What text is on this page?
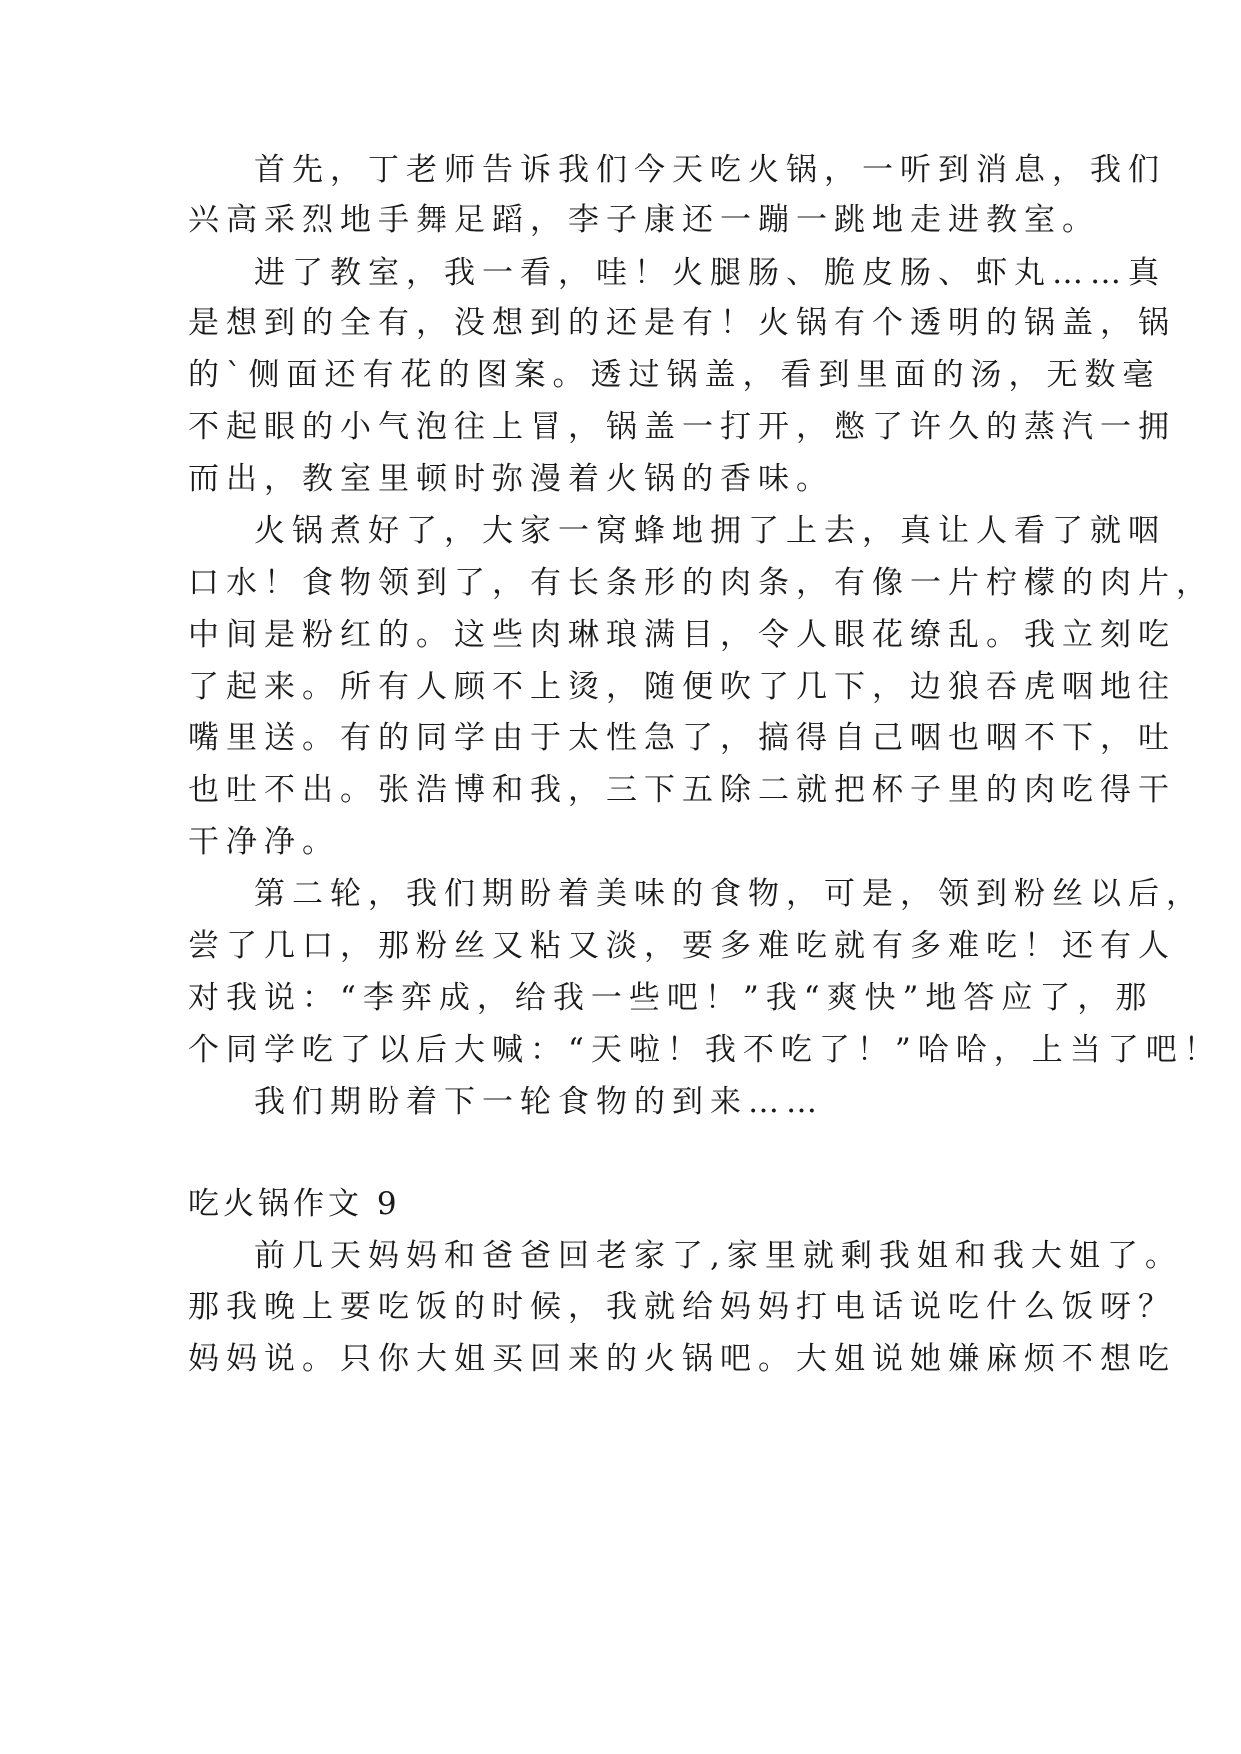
首先，丁老师告诉我们今天吃火锅，一听到消息，我们
兴高采烈地手舞足蹈，李子康还一蹦一跳地走进教室。
进了教室，我一看，哇！火腿肠、脆皮肠、虾丸……真
是想到的全有，没想到的还是有！火锅有个透明的锅盖，锅
的`侧面还有花的图案。透过锅盖，看到里面的汤，无数毫
不起眼的小气泡往上冒，锅盖一打开，憋了许久的蒸汽一拥
而出，教室里顿时弥漫着火锅的香味。
火锅煮好了，大家一窝蜂地拥了上去，真让人看了就咽
口水！食物领到了，有长条形的肉条，有像一片柠檬的肉片，
中间是粉红的。这些肉琳琅满目，令人眼花缭乱。我立刻吃
了起来。所有人顾不上烫，随便吹了几下，边狼吞虎咽地往
嘴里送。有的同学由于太性急了，搞得自己咽也咽不下，吐
也吐不出。张浩博和我，三下五除二就把杯子里的肉吃得干
干净净。
第二轮，我们期盼着美味的食物，可是，领到粉丝以后，
尝了几口，那粉丝又粘又淡，要多难吃就有多难吃！还有人
对我说：“李弈成，给我一些吧！”我“爽快”地答应了，那
个同学吃了以后大喊：“天啦！我不吃了！”哈哈，上当了吧！
我们期盼着下一轮食物的到来……
吃火锅作文 9
前几天妈妈和爸爸回老家了,家里就剩我姐和我大姐了。
那我晚上要吃饭的时候，我就给妈妈打电话说吃什么饭呀？
妈妈说。只你大姐买回来的火锅吧。大姐说她嫌麻烦不想吃
